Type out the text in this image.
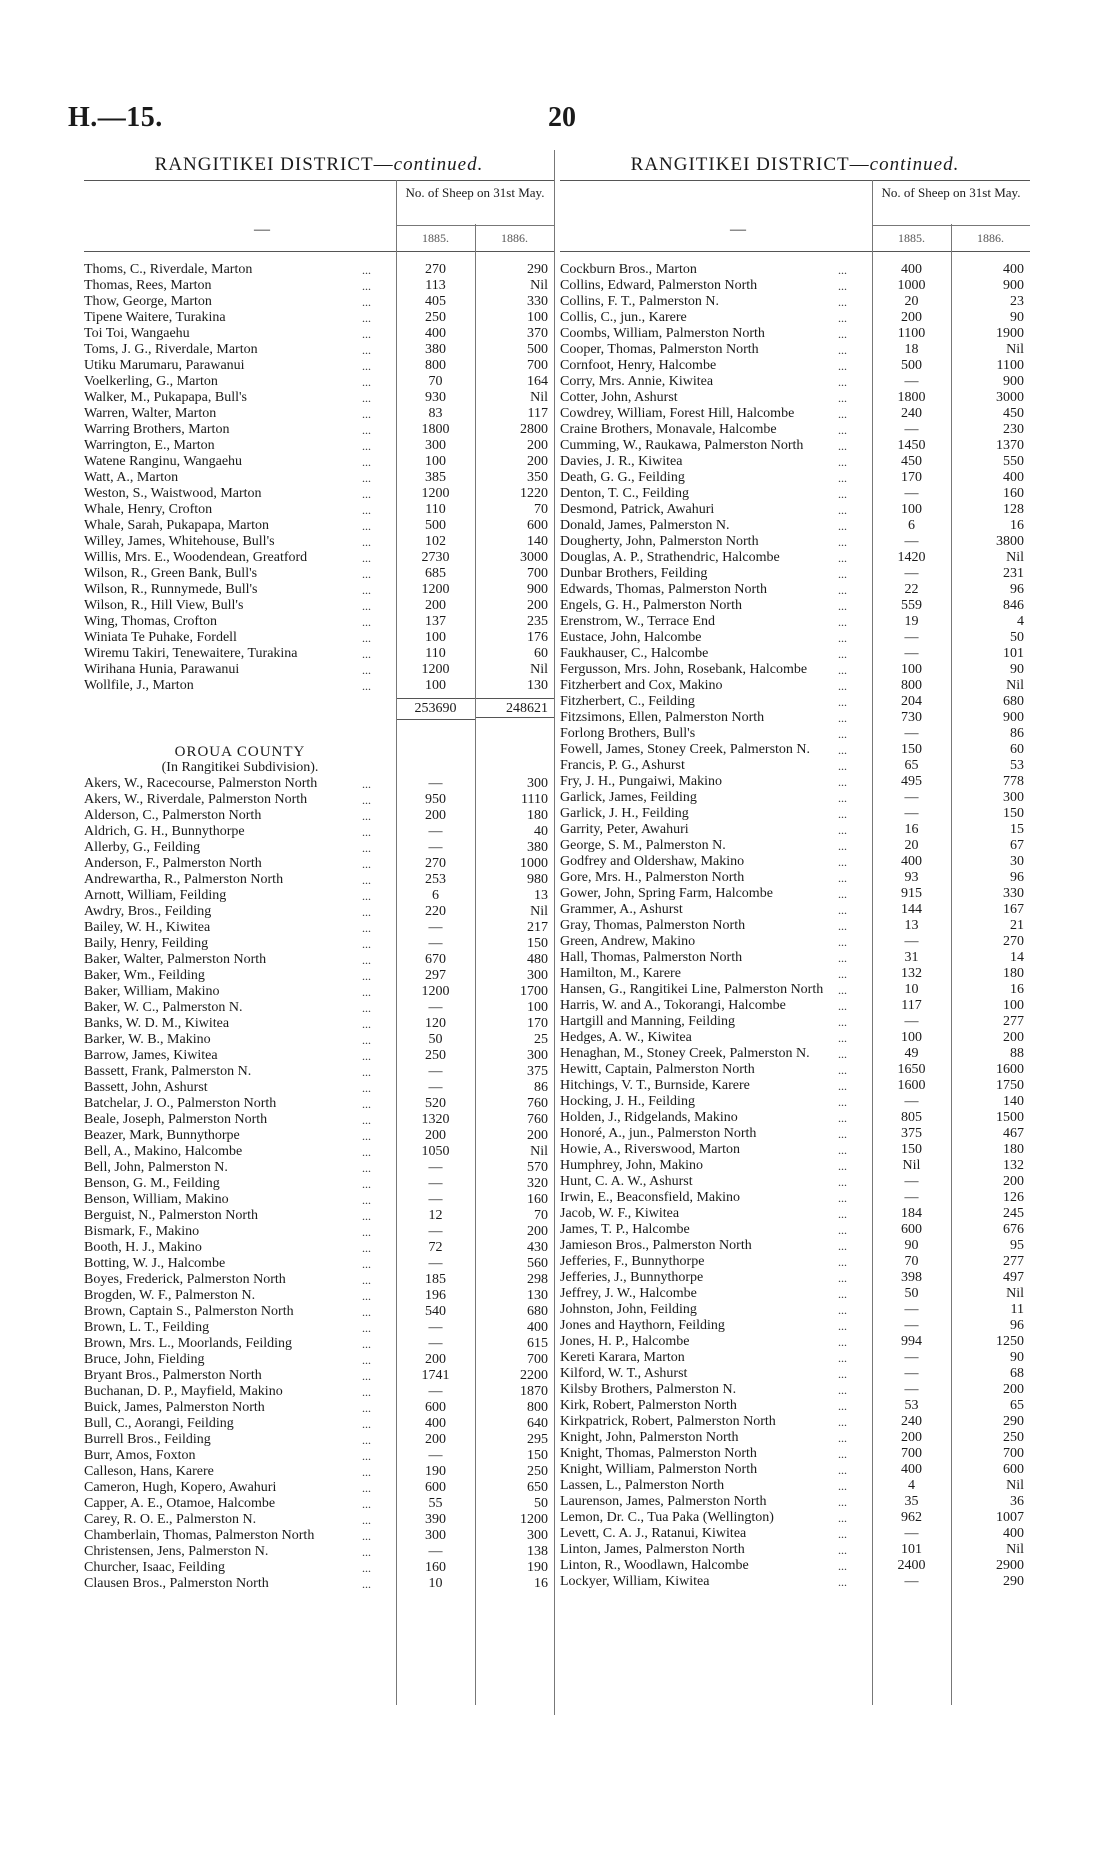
H.—15.	20
RANGITIKEI DISTRICT—continued.
—
No. of Sheep on 31st May.
1885.	1886.
Thoms, C., Riverdale, Marton	...	270	290
Thomas, Rees, Marton	...	113	Nil
Thow, George, Marton	...	405	330
Tipene Waitere, Turakina	...	250	100
Toi Toi, Wangaehu	...	400	370
Toms, J. G., Riverdale, Marton	...	380	500
Utiku Marumaru, Parawanui	...	800	700
Voelkerling, G., Marton	...	70	164
Walker, M., Pukapapa, Bull's	...	930	Nil
Warren, Walter, Marton	...	83	117
Warring Brothers, Marton	...	1800	2800
Warrington, E., Marton	...	300	200
Watene Ranginu, Wangaehu	...	100	200
Watt, A., Marton	...	385	350
Weston, S., Waistwood, Marton	...	1200	1220
Whale, Henry, Crofton	...	110	70
Whale, Sarah, Pukapapa, Marton	...	500	600
Willey, James, Whitehouse, Bull's	...	102	140
Willis, Mrs. E., Woodendean, Greatford	...	2730	3000
Wilson, R., Green Bank, Bull's	...	685	700
Wilson, R., Runnymede, Bull's	...	1200	900
Wilson, R., Hill View, Bull's	...	200	200
Wing, Thomas, Crofton	...	137	235
Winiata Te Puhake, Fordell	...	100	176
Wiremu Takiri, Tenewaitere, Turakina	...	110	60
Wirihana Hunia, Parawanui	...	1200	Nil
Wollfile, J., Marton	...	100	130
253690	248621
OROUA COUNTY
(In Rangitikei Subdivision).
Akers, W., Racecourse, Palmerston North	...	—	300
Akers, W., Riverdale, Palmerston North	...	950	1110
Alderson, C., Palmerston North	...	200	180
Aldrich, G. H., Bunnythorpe	...	—	40
Allerby, G., Feilding	...	—	380
Anderson, F., Palmerston North	...	270	1000
Andrewartha, R., Palmerston North	...	253	980
Arnott, William, Feilding	...	6	13
Awdry, Bros., Feilding	...	220	Nil
Bailey, W. H., Kiwitea	...	—	217
Baily, Henry, Feilding	...	—	150
Baker, Walter, Palmerston North	...	670	480
Baker, Wm., Feilding	...	297	300
Baker, William, Makino	...	1200	1700
Baker, W. C., Palmerston N.	...	—	100
Banks, W. D. M., Kiwitea	...	120	170
Barker, W. B., Makino	...	50	25
Barrow, James, Kiwitea	...	250	300
Bassett, Frank, Palmerston N.	...	—	375
Bassett, John, Ashurst	...	—	86
Batchelar, J. O., Palmerston North	...	520	760
Beale, Joseph, Palmerston North	...	1320	760
Beazer, Mark, Bunnythorpe	...	200	200
Bell, A., Makino, Halcombe	...	1050	Nil
Bell, John, Palmerston N.	...	—	570
Benson, G. M., Feilding	...	—	320
Benson, William, Makino	...	—	160
Berguist, N., Palmerston North	...	12	70
Bismark, F., Makino	...	—	200
Booth, H. J., Makino	...	72	430
Botting, W. J., Halcombe	...	—	560
Boyes, Frederick, Palmerston North	...	185	298
Brogden, W. F., Palmerston N.	...	196	130
Brown, Captain S., Palmerston North	...	540	680
Brown, L. T., Feilding	...	—	400
Brown, Mrs. L., Moorlands, Feilding	...	—	615
Bruce, John, Fielding	...	200	700
Bryant Bros., Palmerston North	...	1741	2200
Buchanan, D. P., Mayfield, Makino	...	—	1870
Buick, James, Palmerston North	...	600	800
Bull, C., Aorangi, Feilding	...	400	640
Burrell Bros., Feilding	...	200	295
Burr, Amos, Foxton	...	—	150
Calleson, Hans, Karere	...	190	250
Cameron, Hugh, Kopero, Awahuri	...	600	650
Capper, A. E., Otamoe, Halcombe	...	55	50
Carey, R. O. E., Palmerston N.	...	390	1200
Chamberlain, Thomas, Palmerston North	...	300	300
Christensen, Jens, Palmerston N.	...	—	138
Churcher, Isaac, Feilding	...	160	190
Clausen Bros., Palmerston North	...	10	16
RANGITIKEI DISTRICT—continued.
—
No. of Sheep on 31st May.
1885.	1886.
Cockburn Bros., Marton	...	400	400
Collins, Edward, Palmerston North	...	1000	900
Collins, F. T., Palmerston N.	...	20	23
Collis, C., jun., Karere	...	200	90
Coombs, William, Palmerston North	...	1100	1900
Cooper, Thomas, Palmerston North	...	18	Nil
Cornfoot, Henry, Halcombe	...	500	1100
Corry, Mrs. Annie, Kiwitea	...	—	900
Cotter, John, Ashurst	...	1800	3000
Cowdrey, William, Forest Hill, Halcombe	...	240	450
Craine Brothers, Monavale, Halcombe	...	—	230
Cumming, W., Raukawa, Palmerston North	...	1450	1370
Davies, J. R., Kiwitea	...	450	550
Death, G. G., Feilding	...	170	400
Denton, T. C., Feilding	...	—	160
Desmond, Patrick, Awahuri	...	100	128
Donald, James, Palmerston N.	...	6	16
Dougherty, John, Palmerston North	...	—	3800
Douglas, A. P., Strathendric, Halcombe	...	1420	Nil
Dunbar Brothers, Feilding	...	—	231
Edwards, Thomas, Palmerston North	...	22	96
Engels, G. H., Palmerston North	...	559	846
Erenstrom, W., Terrace End	...	19	4
Eustace, John, Halcombe	...	—	50
Faukhauser, C., Halcombe	...	—	101
Fergusson, Mrs. John, Rosebank, Halcombe	...	100	90
Fitzherbert and Cox, Makino	...	800	Nil
Fitzherbert, C., Feilding	...	204	680
Fitzsimons, Ellen, Palmerston North	...	730	900
Forlong Brothers, Bull's	...	—	86
Fowell, James, Stoney Creek, Palmerston N.	...	150	60
Francis, P. G., Ashurst	...	65	53
Fry, J. H., Pungaiwi, Makino	...	495	778
Garlick, James, Feilding	...	—	300
Garlick, J. H., Feilding	...	—	150
Garrity, Peter, Awahuri	...	16	15
George, S. M., Palmerston N.	...	20	67
Godfrey and Oldershaw, Makino	...	400	30
Gore, Mrs. H., Palmerston North	...	93	96
Gower, John, Spring Farm, Halcombe	...	915	330
Grammer, A., Ashurst	...	144	167
Gray, Thomas, Palmerston North	...	13	21
Green, Andrew, Makino	...	—	270
Hall, Thomas, Palmerston North	...	31	14
Hamilton, M., Karere	...	132	180
Hansen, G., Rangitikei Line, Palmerston North	...	10	16
Harris, W. and A., Tokorangi, Halcombe	...	117	100
Hartgill and Manning, Feilding	...	—	277
Hedges, A. W., Kiwitea	...	100	200
Henaghan, M., Stoney Creek, Palmerston N.	...	49	88
Hewitt, Captain, Palmerston North	...	1650	1600
Hitchings, V. T., Burnside, Karere	...	1600	1750
Hocking, J. H., Feilding	...	—	140
Holden, J., Ridgelands, Makino	...	805	1500
Honoré, A., jun., Palmerston North	...	375	467
Howie, A., Riverswood, Marton	...	150	180
Humphrey, John, Makino	...	Nil	132
Hunt, C. A. W., Ashurst	...	—	200
Irwin, E., Beaconsfield, Makino	...	—	126
Jacob, W. F., Kiwitea	...	184	245
James, T. P., Halcombe	...	600	676
Jamieson Bros., Palmerston North	...	90	95
Jefferies, F., Bunnythorpe	...	70	277
Jefferies, J., Bunnythorpe	...	398	497
Jeffrey, J. W., Halcombe	...	50	Nil
Johnston, John, Feilding	...	—	11
Jones and Haythorn, Feilding	...	—	96
Jones, H. P., Halcombe	...	994	1250
Kereti Karara, Marton	...	—	90
Kilford, W. T., Ashurst	...	—	68
Kilsby Brothers, Palmerston N.	...	—	200
Kirk, Robert, Palmerston North	...	53	65
Kirkpatrick, Robert, Palmerston North	...	240	290
Knight, John, Palmerston North	...	200	250
Knight, Thomas, Palmerston North	...	700	700
Knight, William, Palmerston North	...	400	600
Lassen, L., Palmerston North	...	4	Nil
Laurenson, James, Palmerston North	...	35	36
Lemon, Dr. C., Tua Paka (Wellington)	...	962	1007
Levett, C. A. J., Ratanui, Kiwitea	...	—	400
Linton, James, Palmerston North	...	101	Nil
Linton, R., Woodlawn, Halcombe	...	2400	2900
Lockyer, William, Kiwitea	...	—	290
